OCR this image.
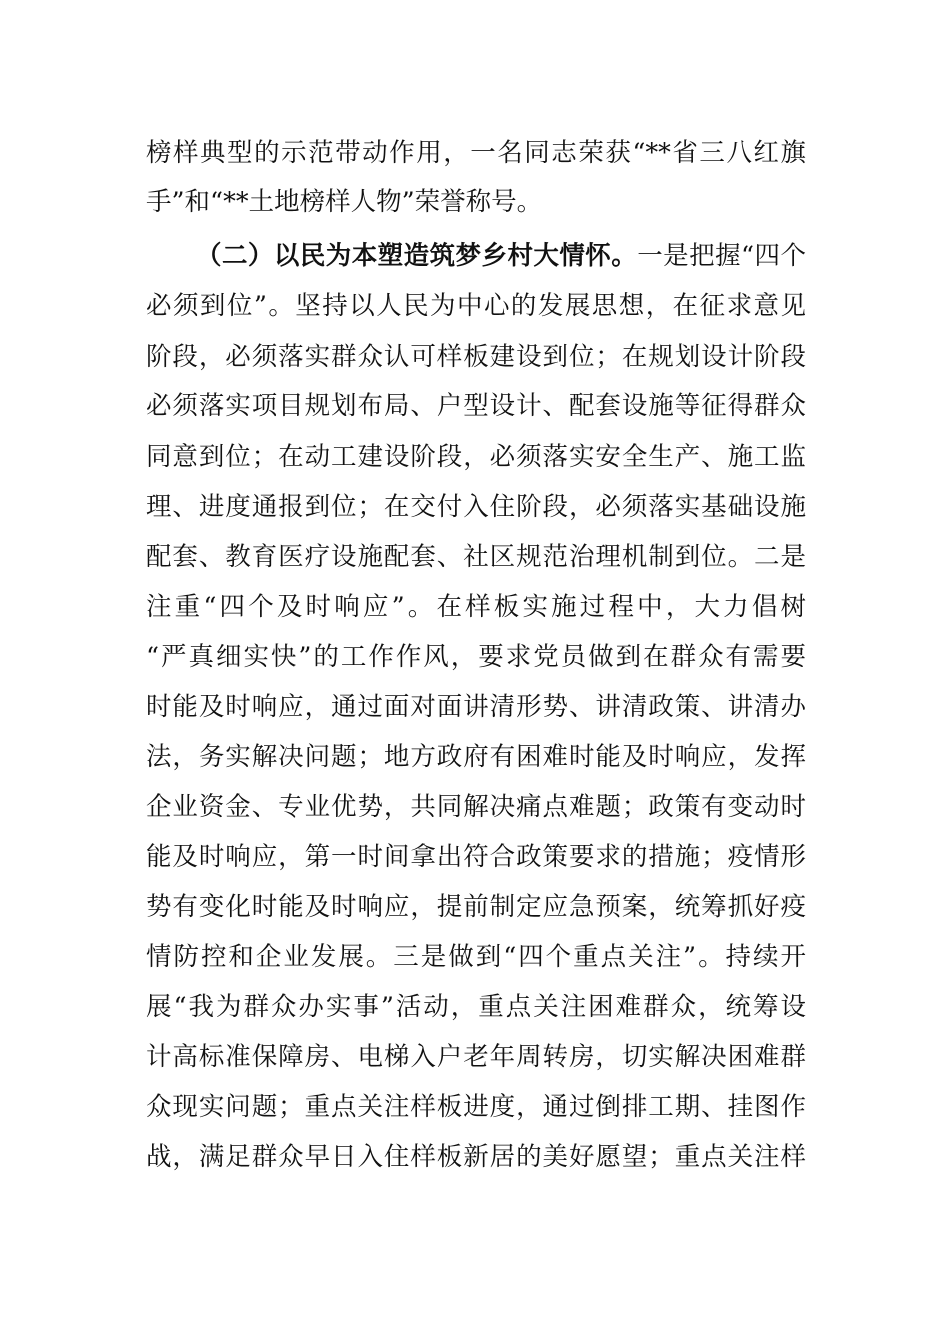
榜样典型的示范带动作用，一名同志荣获“**省三八红旗
手”和“**土地榜样人物”荣誉称号。
（二）以民为本塑造筑梦乡村大情怀。一是把握“四个
必须到位”。坚持以人民为中心的发展思想，在征求意见
阶段，必须落实群众认可样板建设到位；在规划设计阶段
必须落实项目规划布局、户型设计、配套设施等征得群众
同意到位；在动工建设阶段，必须落实安全生产、施工监
理、进度通报到位；在交付入住阶段，必须落实基础设施
配套、教育医疗设施配套、社区规范治理机制到位。二是
注重“四个及时响应”。在样板实施过程中，大力倡树
“严真细实快”的工作作风，要求党员做到在群众有需要
时能及时响应，通过面对面讲清形势、讲清政策、讲清办
法，务实解决问题；地方政府有困难时能及时响应，发挥
企业资金、专业优势，共同解决痛点难题；政策有变动时
能及时响应，第一时间拿出符合政策要求的措施；疫情形
势有变化时能及时响应，提前制定应急预案，统筹抓好疫
情防控和企业发展。三是做到“四个重点关注”。持续开
展“我为群众办实事”活动，重点关注困难群众，统筹设
计高标准保障房、电梯入户老年周转房，切实解决困难群
众现实问题；重点关注样板进度，通过倒排工期、挂图作
战，满足群众早日入住样板新居的美好愿望；重点关注样
